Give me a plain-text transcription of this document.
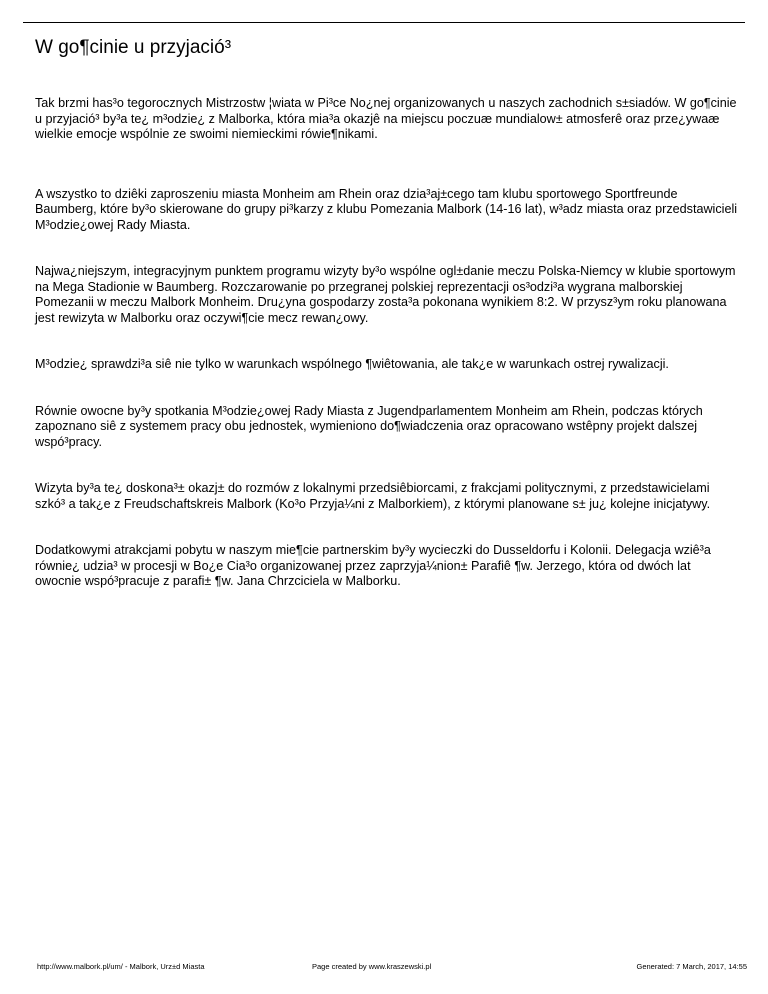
W go¶cinie u przyjació³

Tak brzmi has³o tegorocznych Mistrzostw ¦wiata w Pi³ce No¿nej organizowanych u naszych zachodnich s±siadów. W go¶cinie u przyjació³ by³a te¿ m³odzie¿ z Malborka, która mia³a okazjê na miejscu poczuæ mundialow± atmosferê oraz prze¿ywaæ wielkie emocje wspólnie ze swoimi niemieckimi rówie¶nikami.

A wszystko to dziêki zaproszeniu miasta Monheim am Rhein oraz dzia³aj±cego tam klubu sportowego Sportfreunde Baumberg, które by³o skierowane do grupy pi³karzy z klubu Pomezania Malbork (14-16 lat), w³adz miasta oraz przedstawicieli M³odzie¿owej Rady Miasta.

Najwa¿niejszym, integracyjnym punktem programu wizyty by³o wspólne ogl±danie meczu Polska-Niemcy w klubie sportowym na Mega Stadionie w Baumberg. Rozczarowanie po przegranej polskiej reprezentacji os³odzi³a wygrana malborskiej Pomezanii w meczu Malbork Monheim. Dru¿yna gospodarzy zosta³a pokonana wynikiem 8:2. W przysz³ym roku planowana jest rewizyta w Malborku oraz oczywi¶cie mecz rewan¿owy.

M³odzie¿ sprawdzi³a siê nie tylko w warunkach wspólnego ¶wiêtowania, ale tak¿e w warunkach ostrej rywalizacji.

Równie owocne by³y spotkania M³odzie¿owej Rady Miasta z Jugendparlamentem Monheim am Rhein, podczas których zapoznano siê z systemem pracy obu jednostek, wymieniono do¶wiadczenia oraz opracowano wstêpny projekt dalszej wspó³pracy.

Wizyta by³a te¿ doskona³± okazj± do rozmów z lokalnymi przedsiêbiorcami, z frakcjami politycznymi, z przedstawicielami szkó³ a tak¿e z Freudschaftskreis Malbork (Ko³o Przyja¼ni z Malborkiem), z którymi planowane s± ju¿ kolejne inicjatywy.

Dodatkowymi atrakcjami pobytu w naszym mie¶cie partnerskim by³y wycieczki do Dusseldorfu i Kolonii. Delegacja wziê³a równie¿ udzia³ w procesji w Bo¿e Cia³o organizowanej przez zaprzyja¼nion± Parafiê ¶w. Jerzego, która od dwóch lat owocnie wspó³pracuje z parafi± ¶w. Jana Chrzciciela w Malborku.

http://www.malbork.pl/um/ - Malbork, Urz±d Miasta	Page created by www.kraszewski.pl	Generated: 7 March, 2017, 14:55
